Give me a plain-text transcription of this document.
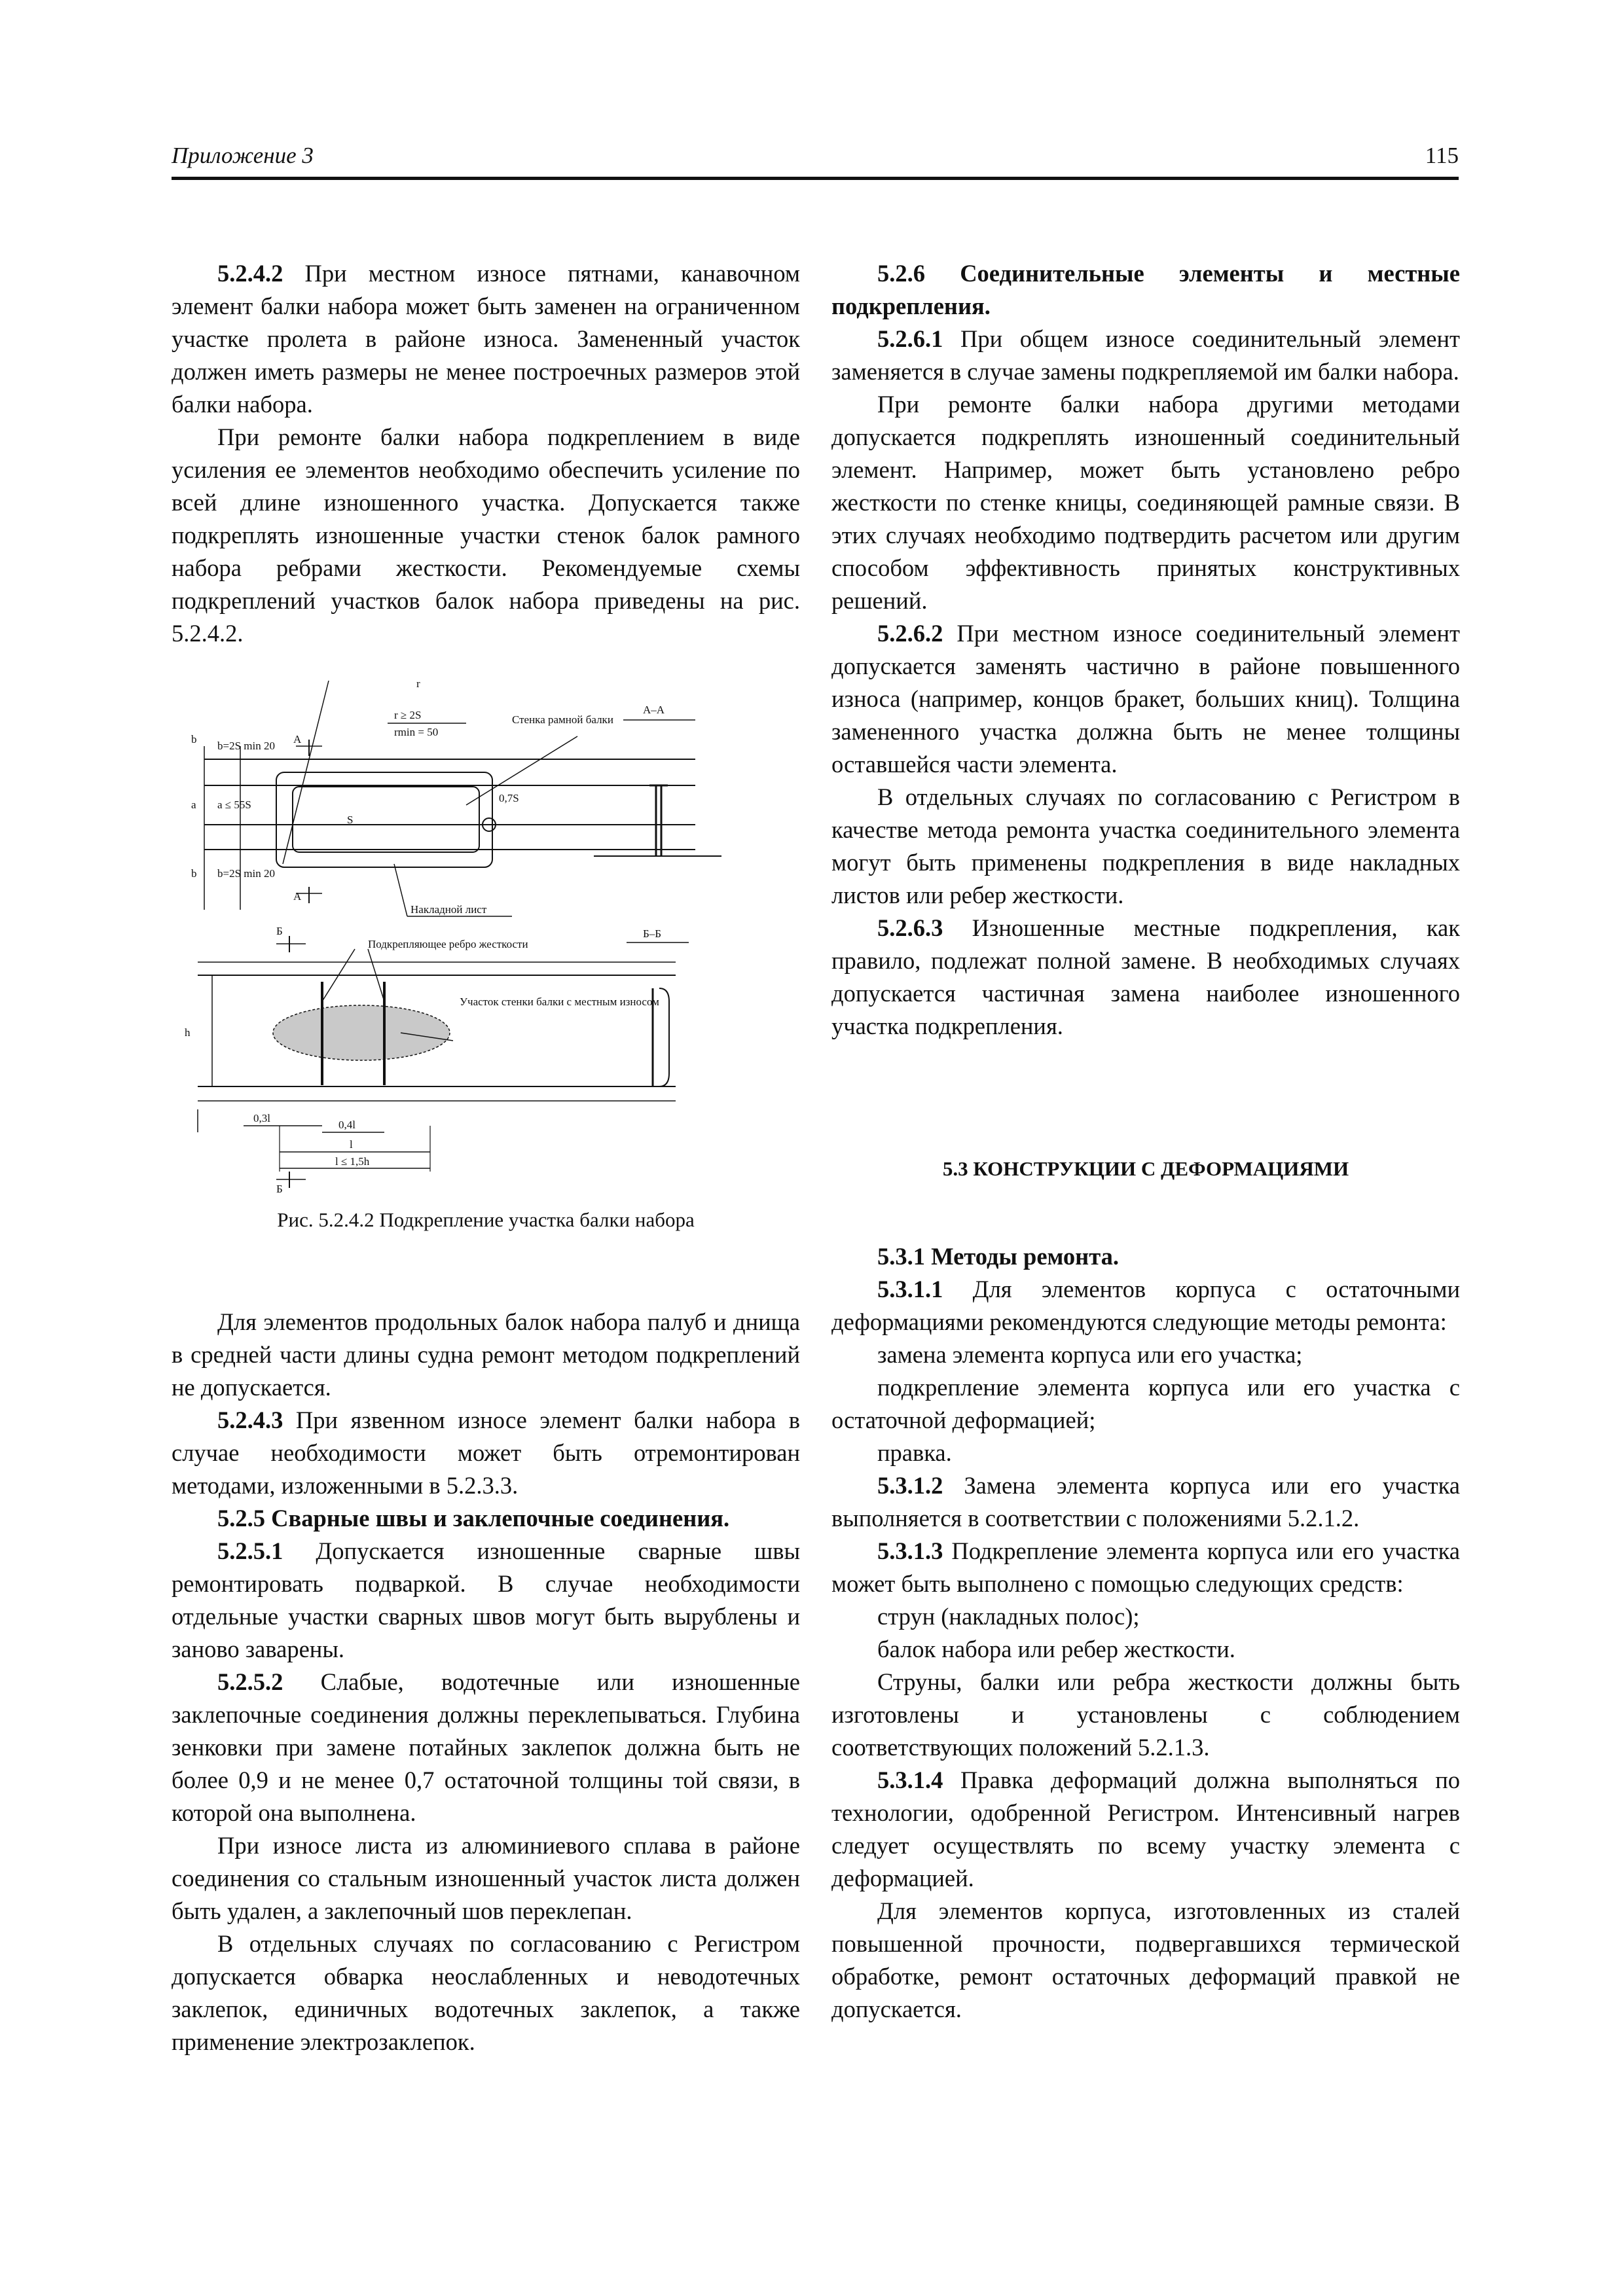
Приложение 3	115

5.2.4.2 При местном износе пятнами, канавочном элемент балки набора может быть заменен на ограниченном участке пролета в районе износа. Замененный участок должен иметь размеры не менее построечных размеров этой балки набора.

При ремонте балки набора подкреплением в виде усиления ее элементов необходимо обеспечить усиление по всей длине изношенного участка. Допускается также подкреплять изношенные участки стенок балок рамного набора ребрами жесткости. Рекомендуемые схемы подкреплений участков балок набора приведены на рис. 5.2.4.2.

r
r ≥ 2S
rmin = 50
Стенка рамной балки
А–А
А
А
S
0,7S
Накладной лист
b=2S min 20
a ≤ 55S
b=2S min 20
b
a
b
Подкрепляющее ребро жесткости
Б
Б
Б–Б
Участок стенки балки с местным износом
h
0,3l
0,4l
l
l ≤ 1,5h
Рис. 5.2.4.2 Подкрепление участка балки набора

Для элементов продольных балок набора палуб и днища в средней части длины судна ремонт методом подкреплений не допускается.

5.2.4.3 При язвенном износе элемент балки набора в случае необходимости может быть отремонтирован методами, изложенными в 5.2.3.3.

5.2.5 Сварные швы и заклепочные соединения.

5.2.5.1 Допускается изношенные сварные швы ремонтировать подваркой. В случае необходимости отдельные участки сварных швов могут быть вырублены и заново заварены.

5.2.5.2 Слабые, водотечные или изношенные заклепочные соединения должны переклепываться. Глубина зенковки при замене потайных заклепок должна быть не более 0,9 и не менее 0,7 остаточной толщины той связи, в которой она выполнена.

При износе листа из алюминиевого сплава в районе соединения со стальным изношенный участок листа должен быть удален, а заклепочный шов переклепан.

В отдельных случаях по согласованию с Регистром допускается обварка неослабленных и неводотечных заклепок, единичных водотечных заклепок, а также применение электрозаклепок.

5.2.6 Соединительные элементы и местные подкрепления.

5.2.6.1 При общем износе соединительный элемент заменяется в случае замены подкрепляемой им балки набора.

При ремонте балки набора другими методами допускается подкреплять изношенный соединительный элемент. Например, может быть установлено ребро жесткости по стенке кницы, соединяющей рамные связи. В этих случаях необходимо подтвердить расчетом или другим способом эффективность принятых конструктивных решений.

5.2.6.2 При местном износе соединительный элемент допускается заменять частично в районе повышенного износа (например, концов бракет, больших книц). Толщина замененного участка должна быть не менее толщины оставшейся части элемента.

В отдельных случаях по согласованию с Регистром в качестве метода ремонта участка соединительного элемента могут быть применены подкрепления в виде накладных листов или ребер жесткости.

5.2.6.3 Изношенные местные подкрепления, как правило, подлежат полной замене. В необходимых случаях допускается частичная замена наиболее изношенного участка подкрепления.

5.3 КОНСТРУКЦИИ С ДЕФОРМАЦИЯМИ

5.3.1 Методы ремонта.

5.3.1.1 Для элементов корпуса с остаточными деформациями рекомендуются следующие методы ремонта:

замена элемента корпуса или его участка;

подкрепление элемента корпуса или его участка с остаточной деформацией;

правка.

5.3.1.2 Замена элемента корпуса или его участка выполняется в соответствии с положениями 5.2.1.2.

5.3.1.3 Подкрепление элемента корпуса или его участка может быть выполнено с помощью следующих средств:

струн (накладных полос);

балок набора или ребер жесткости.

Струны, балки или ребра жесткости должны быть изготовлены и установлены с соблюдением соответствующих положений 5.2.1.3.

5.3.1.4 Правка деформаций должна выполняться по технологии, одобренной Регистром. Интенсивный нагрев следует осуществлять по всему участку элемента с деформацией.

Для элементов корпуса, изготовленных из сталей повышенной прочности, подвергавшихся термической обработке, ремонт остаточных деформаций правкой не допускается.
